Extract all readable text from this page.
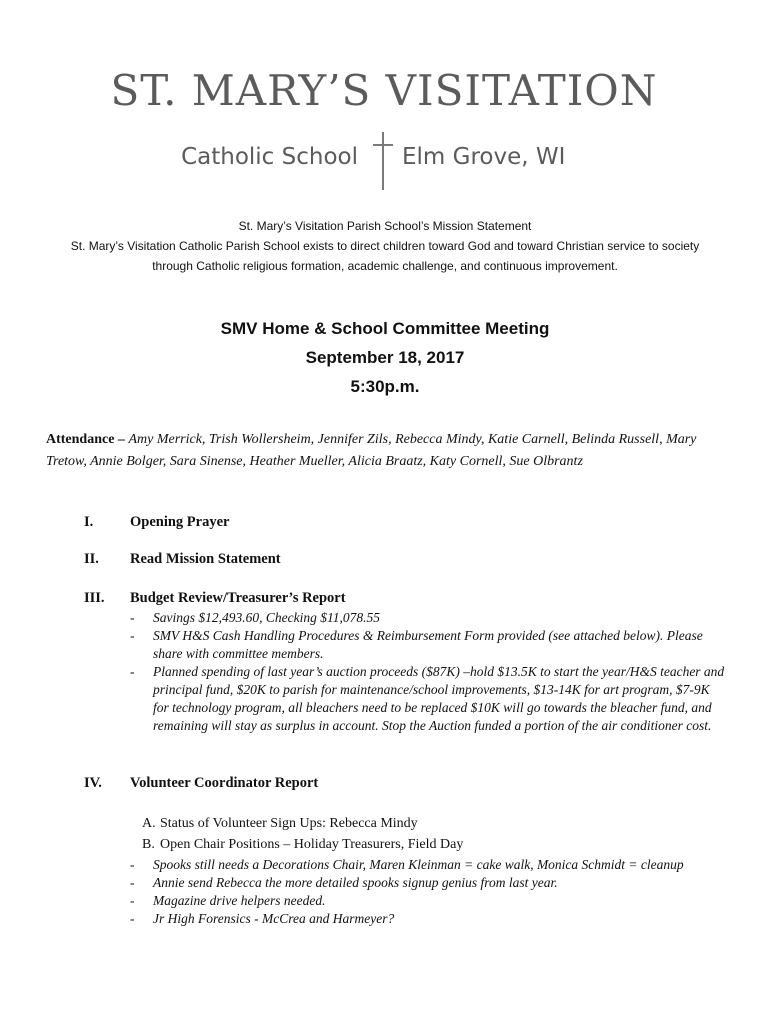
ST. MARY’S VISITATION
Catholic School Elm Grove, WI
St. Mary’s Visitation Parish School’s Mission Statement
St. Mary’s Visitation Catholic Parish School exists to direct children toward God and toward Christian service to society
through Catholic religious formation, academic challenge, and continuous improvement.
SMV Home & School Committee Meeting
September 18, 2017
5:30p.m.
Attendance – Amy Merrick, Trish Wollersheim, Jennifer Zils, Rebecca Mindy, Katie Carnell, Belinda Russell, Mary Tretow, Annie Bolger, Sara Sinense, Heather Mueller, Alicia Braatz, Katy Cornell, Sue Olbrantz
I.	Opening Prayer
II. Read Mission Statement
III. Budget Review/Treasurer’s Report
- Savings $12,493.60, Checking $11,078.55
- SMV H&S Cash Handling Procedures & Reimbursement Form provided (see attached below). Please share with committee members.
- Planned spending of last year’s auction proceeds ($87K) –hold $13.5K to start the year/H&S teacher and principal fund, $20K to parish for maintenance/school improvements, $13-14K for art program, $7-9K for technology program, all bleachers need to be replaced $10K will go towards the bleacher fund, and remaining will stay as surplus in account. Stop the Auction funded a portion of the air conditioner cost.
IV. Volunteer Coordinator Report
A. Status of Volunteer Sign Ups: Rebecca Mindy
B. Open Chair Positions – Holiday Treasurers, Field Day
- Spooks still needs a Decorations Chair, Maren Kleinman = cake walk, Monica Schmidt = cleanup
- Annie send Rebecca the more detailed spooks signup genius from last year.
- Magazine drive helpers needed.
- Jr High Forensics - McCrea and Harmeyer?
